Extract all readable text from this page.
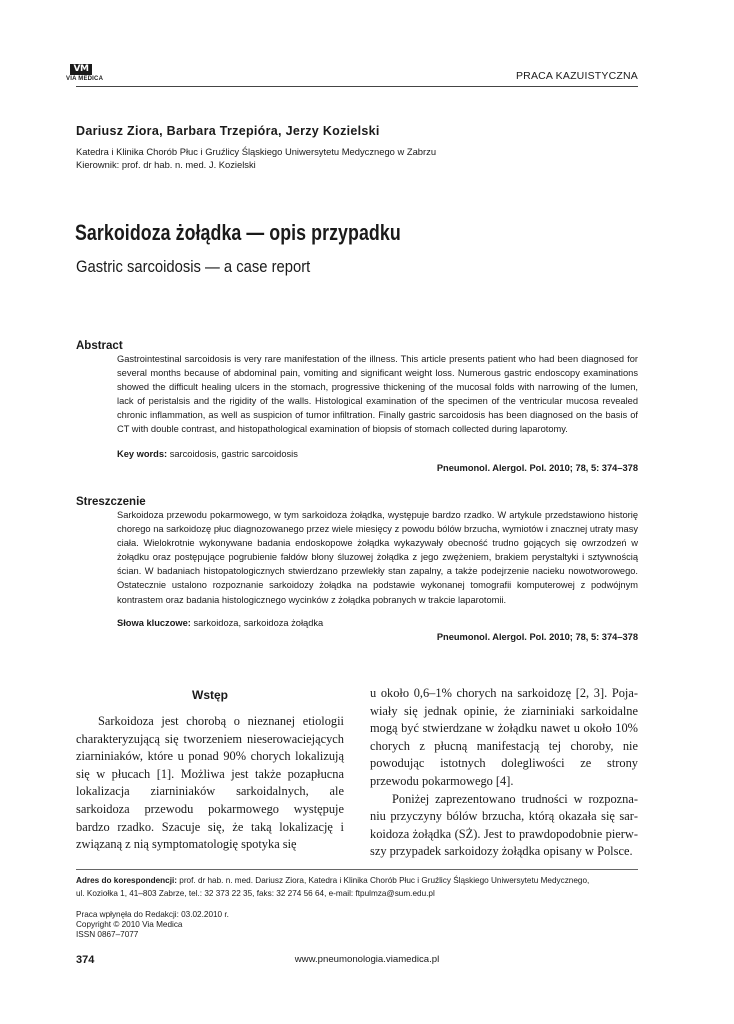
VM
VIA MEDICA	PRACA KAZUISTYCZNA
Dariusz Ziora, Barbara Trzepióra, Jerzy Kozielski
Katedra i Klinika Chorób Płuc i Gruźlicy Śląskiego Uniwersytetu Medycznego w Zabrzu
Kierownik: prof. dr hab. n. med. J. Kozielski
Sarkoidoza żołądka — opis przypadku
Gastric sarcoidosis — a case report
Abstract
Gastrointestinal sarcoidosis is very rare manifestation of the illness. This article presents patient who had been diagnosed for several months because of abdominal pain, vomiting and significant weight loss. Numerous gastric endoscopy examinations showed the difficult healing ulcers in the stomach, progressive thickening of the mucosal folds with narrowing of the lumen, lack of peristalsis and the rigidity of the walls. Histological examination of the specimen of the ventricular mucosa revealed chronic inflammation, as well as suspicion of tumor infiltration. Finally gastric sarcoidosis has been diagnosed on the basis of CT with double contrast, and histopathological examination of biopsis of stomach collected during laparotomy.
Key words: sarcoidosis, gastric sarcoidosis
Pneumonol. Alergol. Pol. 2010; 78, 5: 374–378
Streszczenie
Sarkoidoza przewodu pokarmowego, w tym sarkoidoza żołądka, występuje bardzo rzadko. W artykule przedstawiono historię chorego na sarkoidozę płuc diagnozowanego przez wiele miesięcy z powodu bólów brzucha, wymiotów i znacznej utraty masy ciała. Wielokrotnie wykonywane badania endoskopowe żołądka wykazywały obecność trudno gojących się owrzodzeń w żołądku oraz postępujące pogrubienie fałdów błony śluzowej żołądka z jego zwężeniem, brakiem perystaltyki i sztywnością ścian. W badaniach histopatologicznych stwierdzano przewlekły stan zapalny, a także podejrzenie nacieku nowotworowego. Ostatecznie ustalono rozpoznanie sarkoidozy żołądka na podstawie wykonanej tomografii komputerowej z podwójnym kontrastem oraz badania histologicznego wycinków z żołądka pobranych w trakcie laparotomii.
Słowa kluczowe: sarkoidoza, sarkoidoza żołądka
Pneumonol. Alergol. Pol. 2010; 78, 5: 374–378
Wstęp

Sarkoidoza jest chorobą o nieznanej etiologii charakteryzującą się tworzeniem nieserowaciejących ziarniniaków, które u ponad 90% chorych lokalizują się w płucach [1]. Możliwa jest także pozapłucna lokalizacja ziarniniaków sarkoidalnych, ale sarkoidoza przewodu pokarmowego występuje bardzo rzadko. Szacuje się, że taką lokalizację i związaną z nią symptomatologię spotyka się

u około 0,6–1% chorych na sarkoidozę [2, 3]. Pojawiały się jednak opinie, że ziarniniaki sarkoidalne mogą być stwierdzane w żołądku nawet u około 10% chorych z płucną manifestacją tej choroby, nie powodując istotnych dolegliwości ze strony przewodu pokarmowego [4].

Poniżej zaprezentowano trudności w rozpoznaniu przyczyny bólów brzucha, którą okazała się sarkoidoza żołądka (SŻ). Jest to prawdopodobnie pierwszy przypadek sarkoidozy żołądka opisany w Polsce.

Adres do korespondencji: prof. dr hab. n. med. Dariusz Ziora, Katedra i Klinika Chorób Płuc i Gruźlicy Śląskiego Uniwersytetu Medycznego,
ul. Koziołka 1, 41–803 Zabrze, tel.: 32 373 22 35, faks: 32 274 56 64, e-mail: ftpulmza@sum.edu.pl
Praca wpłynęła do Redakcji: 03.02.2010 r.
Copyright © 2010 Via Medica
ISSN 0867–7077
374	www.pneumonologia.viamedica.pl
